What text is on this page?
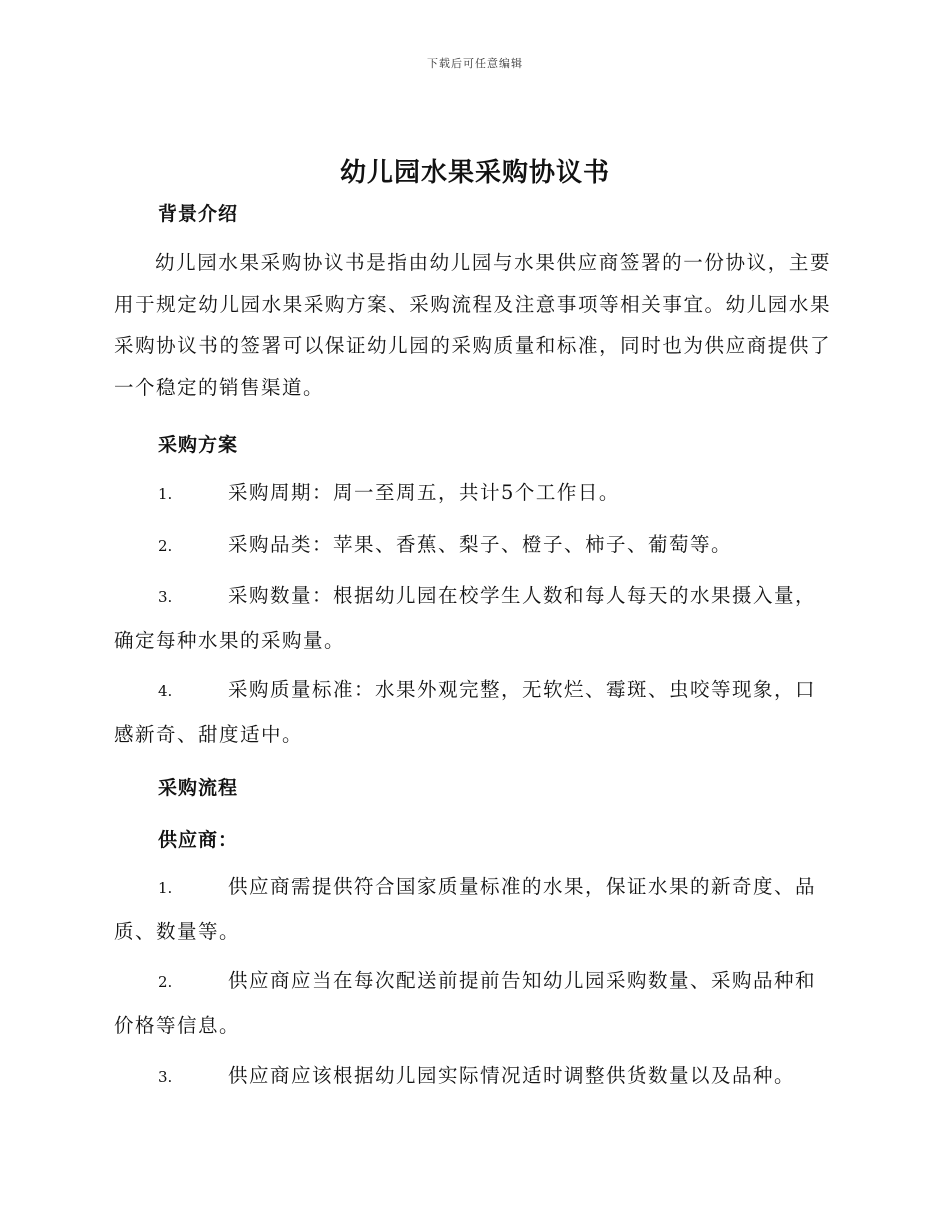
下载后可任意编辑
幼儿园水果采购协议书
背景介绍

幼儿园水果采购协议书是指由幼儿园与水果供应商签署的一份协议，主要用于规定幼儿园水果采购方案、采购流程及注意事项等相关事宜。幼儿园水果采购协议书的签署可以保证幼儿园的采购质量和标准，同时也为供应商提供了一个稳定的销售渠道。

采购方案

1.	采购周期：周一至周五，共计5个工作日。

2.	采购品类：苹果、香蕉、梨子、橙子、柿子、葡萄等。

3.	采购数量：根据幼儿园在校学生人数和每人每天的水果摄入量，确定每种水果的采购量。

4.	采购质量标准：水果外观完整，无软烂、霉斑、虫咬等现象，口感新奇、甜度适中。

采购流程
供应商：

1.	供应商需提供符合国家质量标准的水果，保证水果的新奇度、品质、数量等。

2.	供应商应当在每次配送前提前告知幼儿园采购数量、采购品种和价格等信息。

3.	供应商应该根据幼儿园实际情况适时调整供货数量以及品种。
